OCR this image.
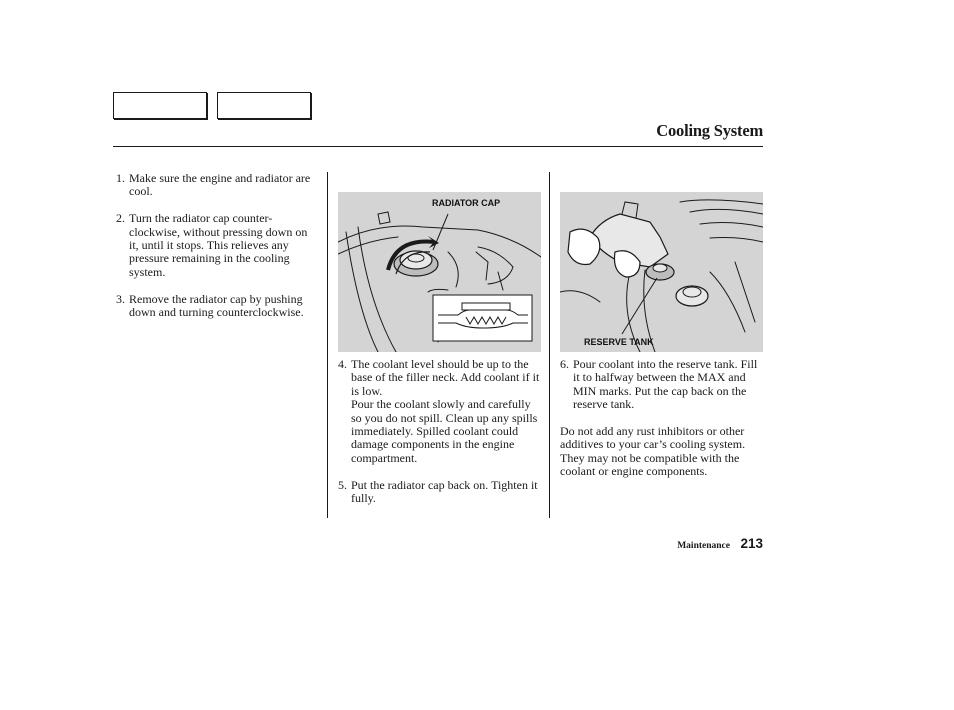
Cooling System
1. Make sure the engine and radiator are cool.
2. Turn the radiator cap counter-clockwise, without pressing down on it, until it stops. This relieves any pressure remaining in the cooling system.
3. Remove the radiator cap by pushing down and turning counterclockwise.
RADIATOR CAP
4. The coolant level should be up to the base of the filler neck. Add coolant if it is low.
Pour the coolant slowly and carefully so you do not spill. Clean up any spills immediately. Spilled coolant could damage components in the engine compartment.
5. Put the radiator cap back on. Tighten it fully.
RESERVE TANK
6. Pour coolant into the reserve tank. Fill it to halfway between the MAX and MIN marks. Put the cap back on the reserve tank.

Do not add any rust inhibitors or other additives to your car’s cooling system. They may not be compatible with the coolant or engine components.

Maintenance 213
